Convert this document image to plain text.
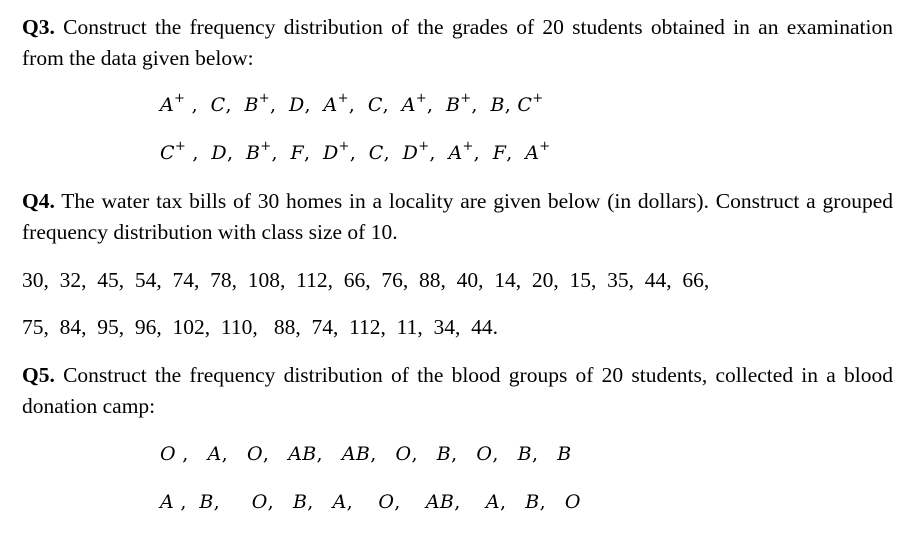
Q3. Construct the frequency distribution of the grades of 20 students obtained in an examination from the data given below:
A+ ,  C,  B+,  D,  A+,  C,  A+,  B+,  B, C+
C+ ,  D,  B+,  F,  D+,  C,  D+,  A+,  F,  A+
Q4. The water tax bills of 30 homes in a locality are given below (in dollars). Construct a grouped frequency distribution with class size of 10.
30,  32,  45,  54,  74,  78,  108,  112,  66,  76,  88,  40,  14,  20,  15,  35,  44,  66,
75,  84,  95,  96,  102,  110,   88,  74,  112,  11,  34,  44.
Q5. Construct the frequency distribution of the blood groups of 20 students, collected in a blood donation camp:
O ,   A,   O,   AB,   AB,   O,   B,   O,   B,   B
A ,  B,     O,   B,   A,    O,    AB,    A,   B,   O
